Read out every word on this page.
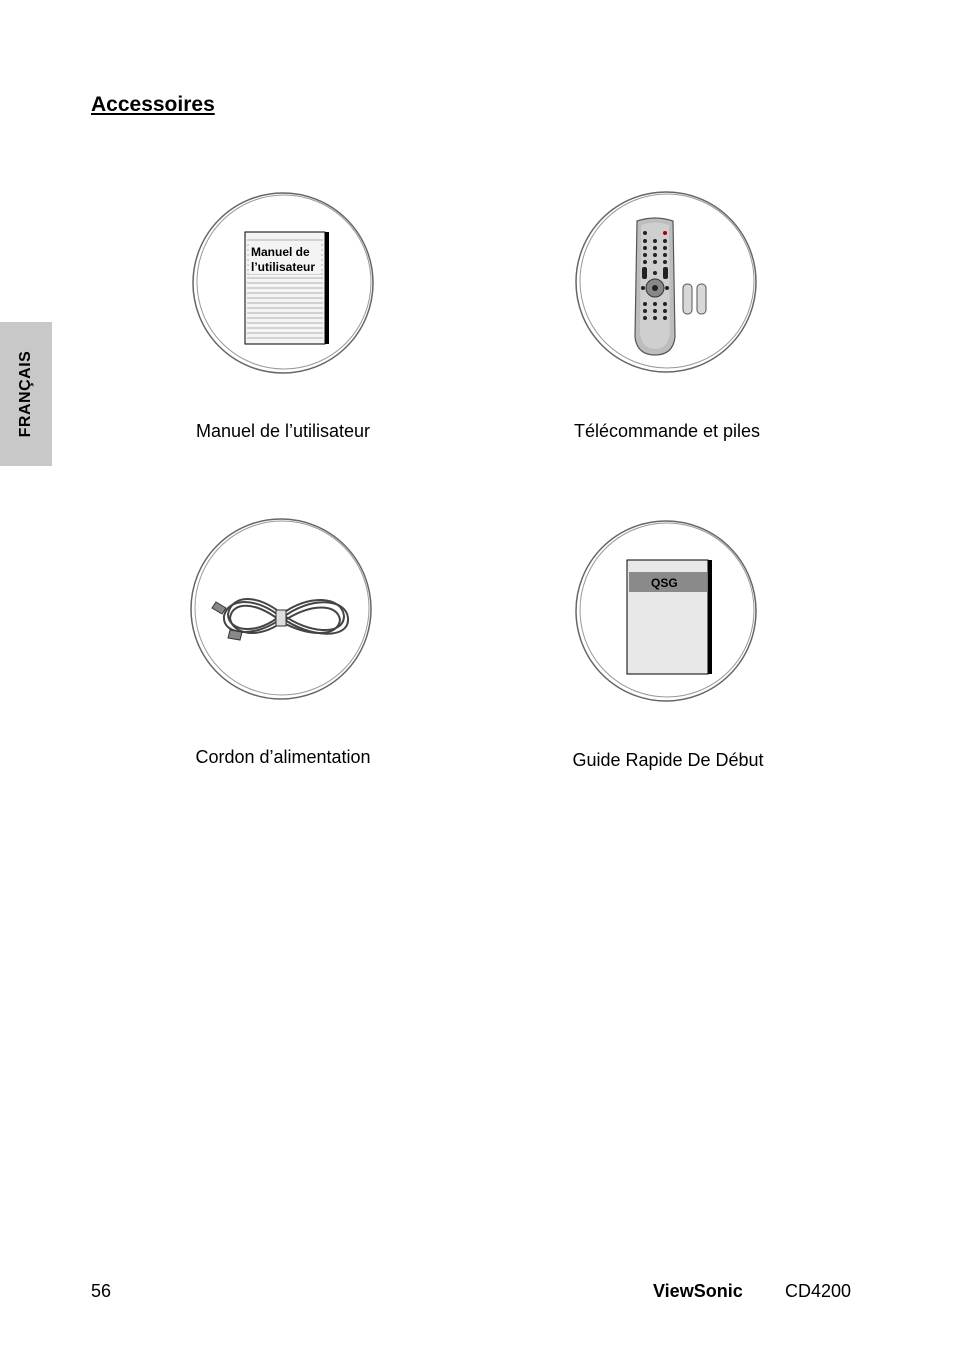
Accessoires
FRANÇAIS
Manuel de
l’utilisateur
Manuel de l’utilisateur	Télécommande et piles
Cordon d’alimentation
QSG
Guide Rapide De Début
56	ViewSonic CD4200
